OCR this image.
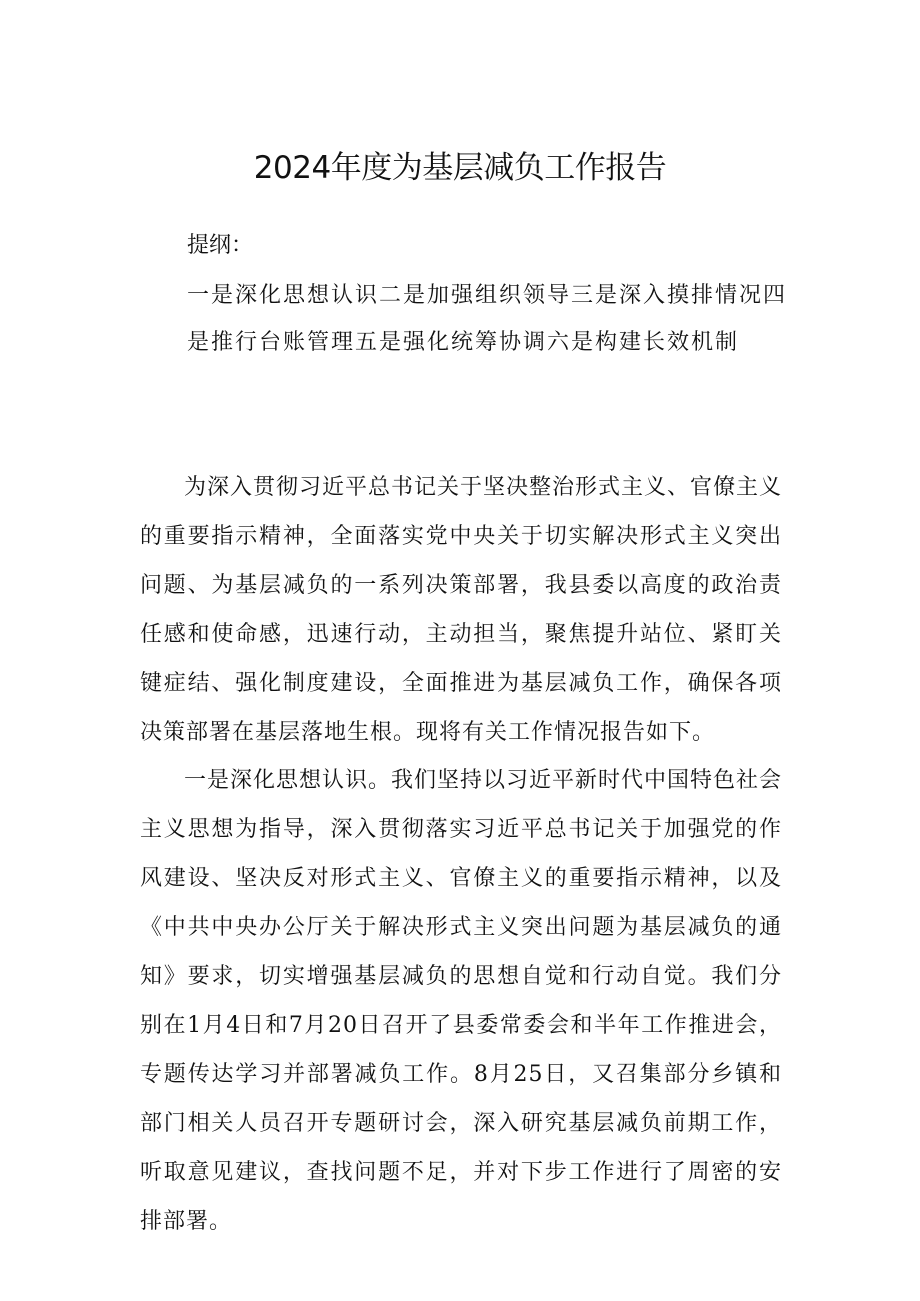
2024年度为基层减负工作报告
提纲：
一是深化思想认识二是加强组织领导三是深入摸排情况四
是推行台账管理五是强化统筹协调六是构建长效机制

为深入贯彻习近平总书记关于坚决整治形式主义、官僚主义的重要指示精神，全面落实党中央关于切实解决形式主义突出问题、为基层减负的一系列决策部署，我县委以高度的政治责任感和使命感，迅速行动，主动担当，聚焦提升站位、紧盯关键症结、强化制度建设，全面推进为基层减负工作，确保各项决策部署在基层落地生根。现将有关工作情况报告如下。

一是深化思想认识。我们坚持以习近平新时代中国特色社会主义思想为指导，深入贯彻落实习近平总书记关于加强党的作风建设、坚决反对形式主义、官僚主义的重要指示精神，以及《中共中央办公厅关于解决形式主义突出问题为基层减负的通知》要求，切实增强基层减负的思想自觉和行动自觉。我们分别在1月4日和7月20日召开了县委常委会和半年工作推进会，专题传达学习并部署减负工作。8月25日，又召集部分乡镇和部门相关人员召开专题研讨会，深入研究基层减负前期工作，听取意见建议，查找问题不足，并对下步工作进行了周密的安排部署。
